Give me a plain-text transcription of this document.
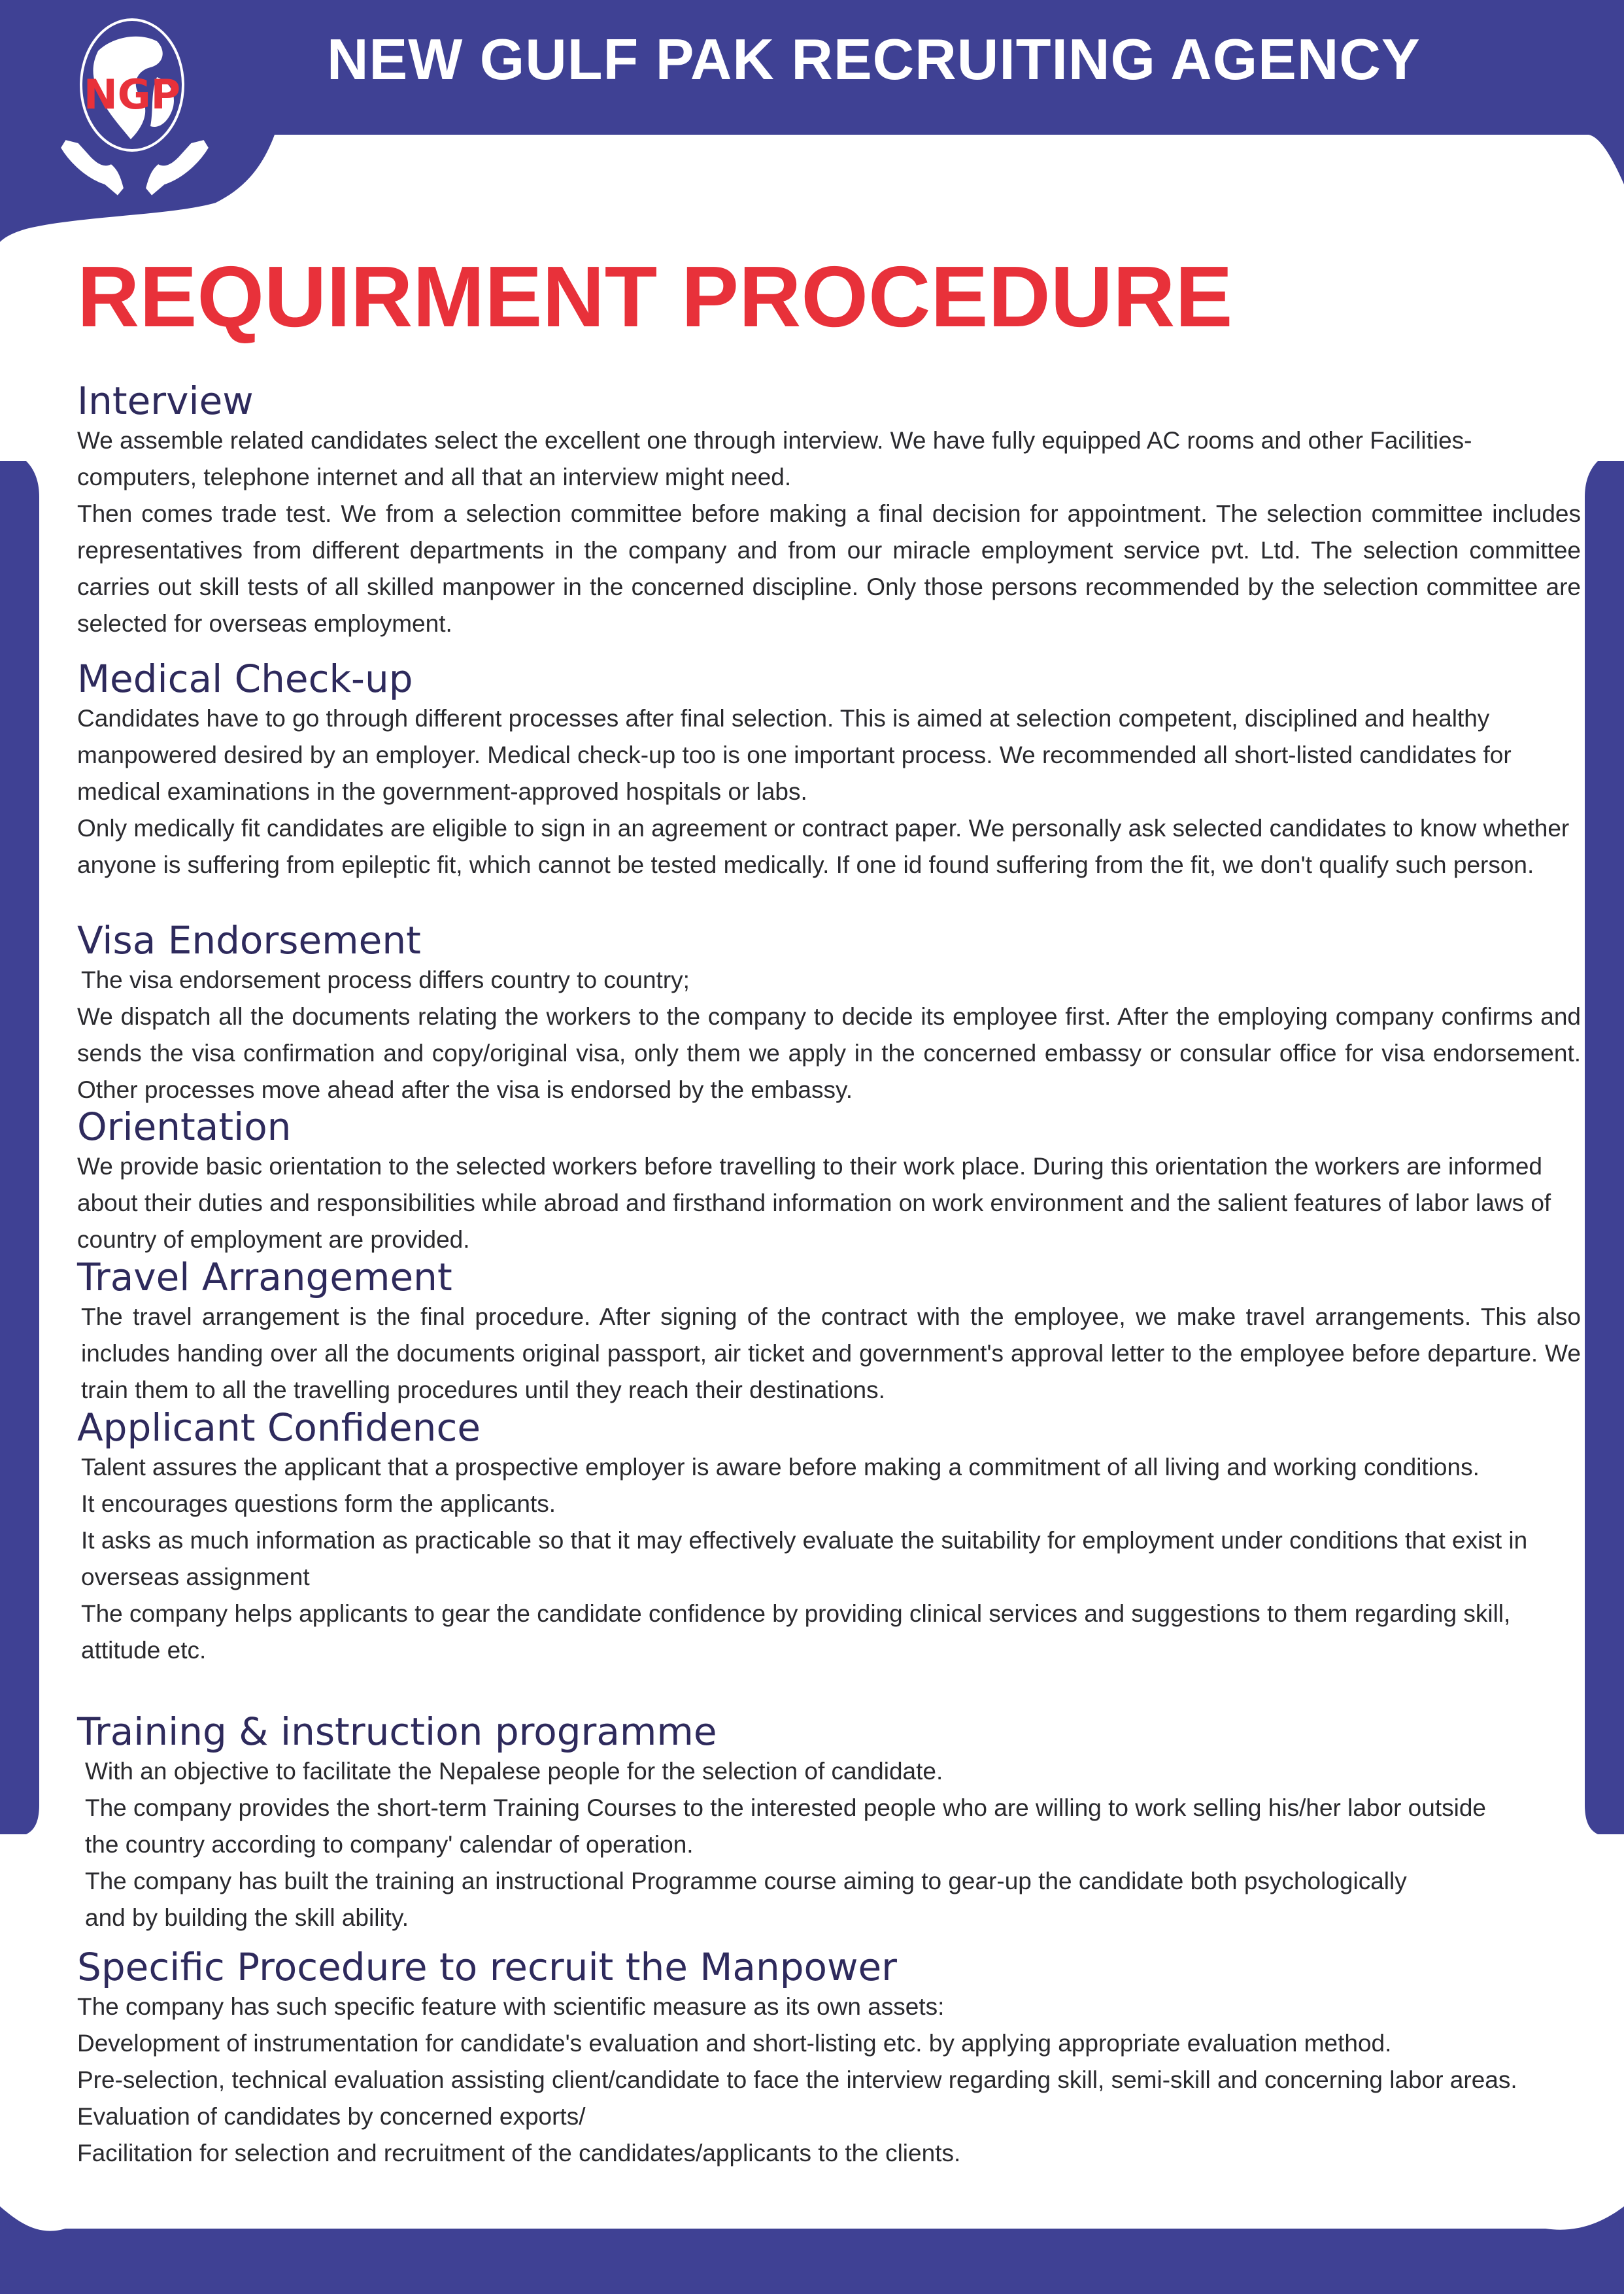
NGP
NEW GULF PAK RECRUITING AGENCY
REQUIRMENT PROCEDURE
Interview

We assemble related candidates select the excellent one through interview. We have fully equipped AC rooms and other Facilities-computers, telephone internet and all that an interview might need.

Then comes trade test. We from a selection committee before making a final decision for appointment. The selection committee includes representatives from different departments in the company and from our miracle employment service pvt. Ltd. The selection committee carries out skill tests of all skilled manpower in the concerned discipline. Only those persons recommended by the selection committee are selected for overseas employment.

Medical Check-up

Candidates have to go through different processes after final selection. This is aimed at selection competent, disciplined and healthy manpowered desired by an employer. Medical check-up too is one important process. We recommended all short-listed candidates for medical examinations in the government-approved hospitals or labs.

Only medically fit candidates are eligible to sign in an agreement or contract paper. We personally ask selected candidates to know whether anyone is suffering from epileptic fit, which cannot be tested medically. If one id found suffering from the fit, we don't qualify such person.

Visa Endorsement

The visa endorsement process differs country to country;

We dispatch all the documents relating the workers to the company to decide its employee first. After the employing company confirms and sends the visa confirmation and copy/original visa, only them we apply in the concerned embassy or consular office for visa endorsement. Other processes move ahead after the visa is endorsed by the embassy.

Orientation

We provide basic orientation to the selected workers before travelling to their work place. During this orientation the workers are informed about their duties and responsibilities while abroad and firsthand information on work environment and the salient features of labor laws of country of employment are provided.

Travel Arrangement

The travel arrangement is the final procedure. After signing of the contract with the employee, we make travel arrangements. This also includes handing over all the documents original passport, air ticket and government's approval letter to the employee before departure. We train them to all the travelling procedures until they reach their destinations.

Applicant Confidence

Talent assures the applicant that a prospective employer is aware before making a commitment of all living and working conditions.

It encourages questions form the applicants.

It asks as much information as practicable so that it may effectively evaluate the suitability for employment under conditions that exist in overseas assignment

The company helps applicants to gear the candidate confidence by providing clinical services and suggestions to them regarding skill, attitude etc.

Training & instruction programme

With an objective to facilitate the Nepalese people for the selection of candidate.

The company provides the short-term Training Courses to the interested people who are willing to work selling his/her labor outside the country according to company' calendar of operation.

The company has built the training an instructional Programme course aiming to gear-up the candidate both psychologically and by building the skill ability.

Specific Procedure to recruit the Manpower

The company has such specific feature with scientific measure as its own assets:

Development of instrumentation for candidate's evaluation and short-listing etc. by applying appropriate evaluation method.

Pre-selection, technical evaluation assisting client/candidate to face the interview regarding skill, semi-skill and concerning labor areas.

Evaluation of candidates by concerned exports/

Facilitation for selection and recruitment of the candidates/applicants to the clients.
